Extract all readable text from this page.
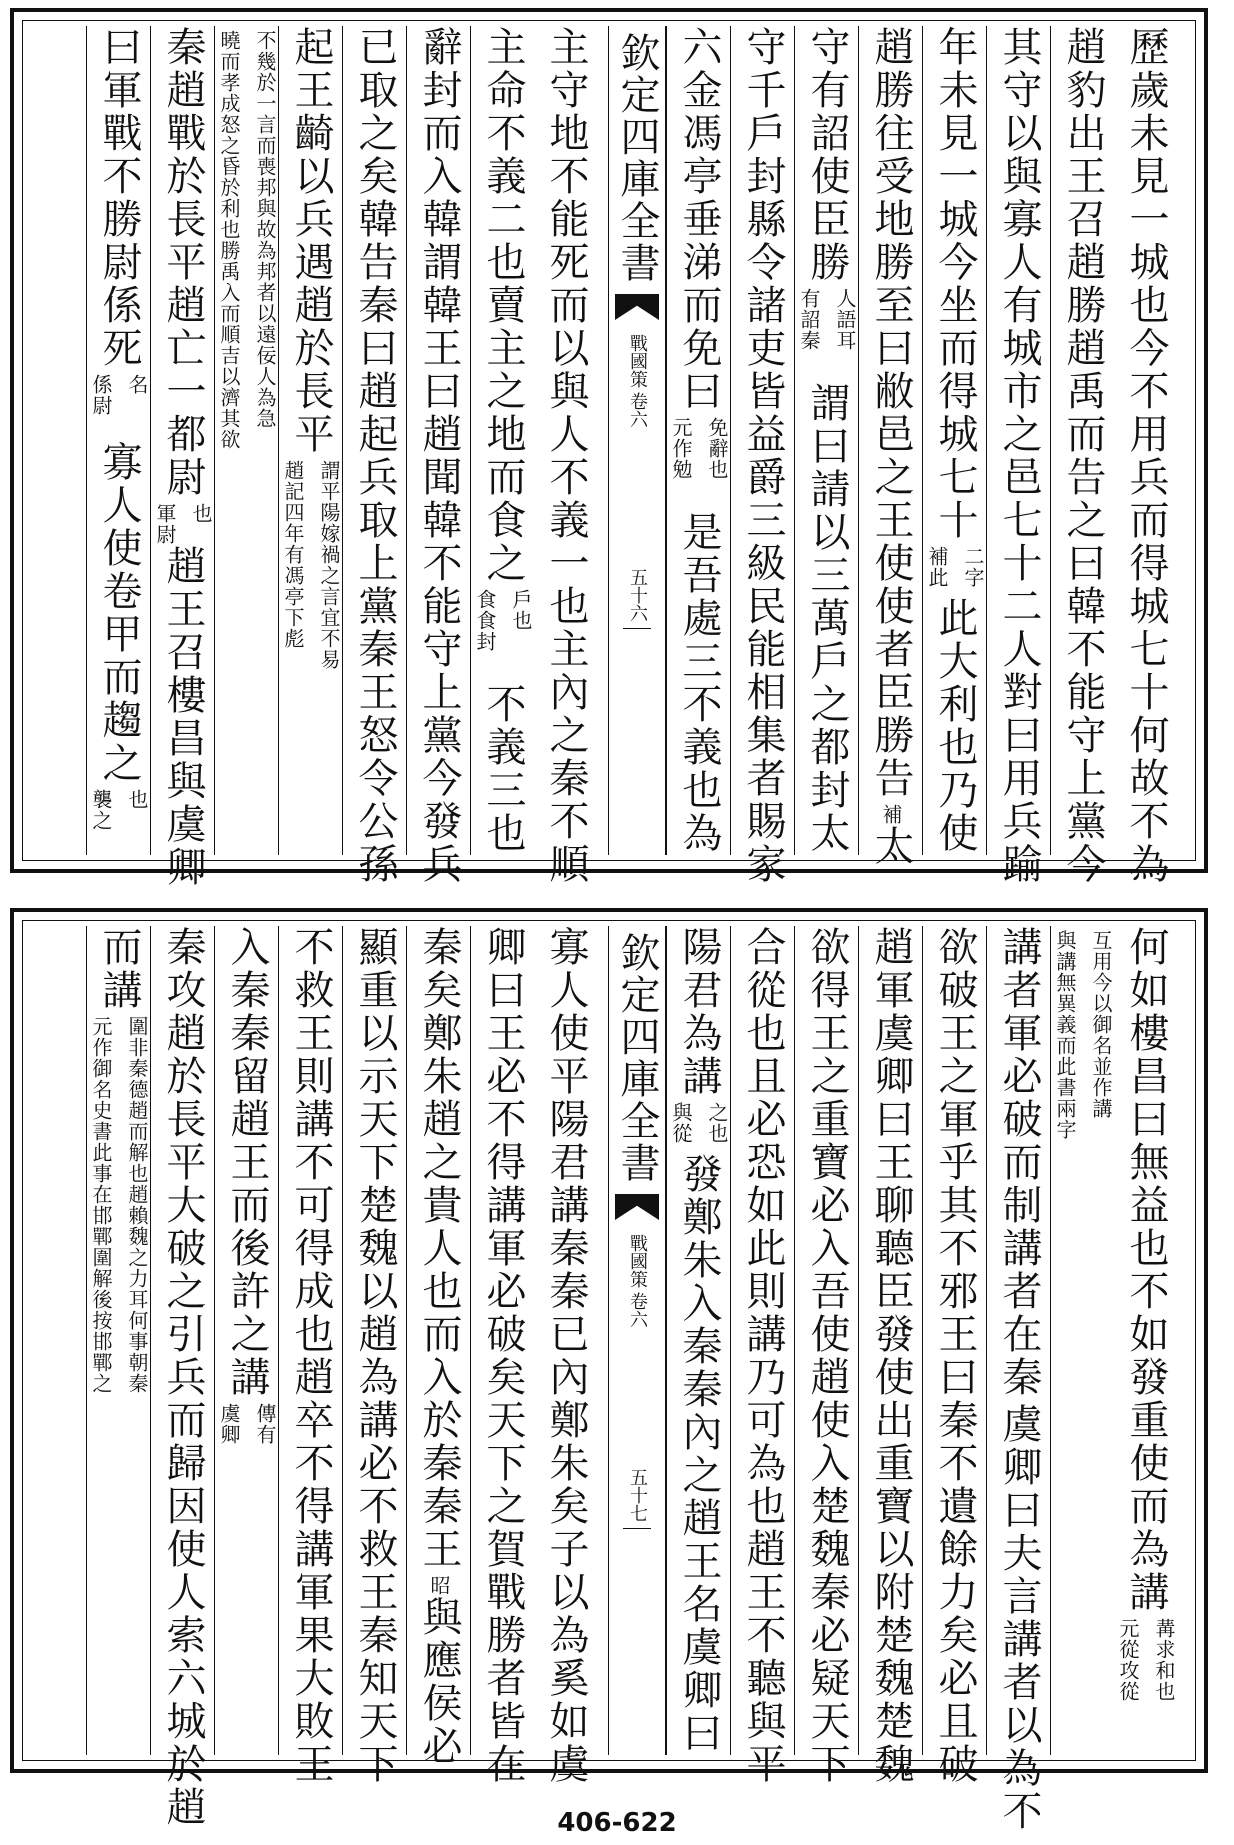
欽定四庫全書
戰國策
卷六
五十六	歷歲未見一城也今不用兵而得城七十何故不為
趙豹出王召趙勝趙禹而告之曰韓不能守上黨今
其守以與寡人有城市之邑七十二人對曰用兵踰
年未見一城今坐而得城七十
補此 二字
此大利也乃使
趙勝往受地勝至曰敝邑之王使使者臣勝告
補
太
守有詔使臣勝
有詔秦 人語耳
謂曰請以三萬戶之都封太
守千戶封縣令諸吏皆益爵三級民能相集者賜家
六金馮亭垂涕而免曰
元作勉 免辭也
是吾處三不義也為
主守地不能死而以與人不義一也主內之秦不順
主命不義二也賣主之地而食之
食食封 戶也
不義三也
辭封而入韓謂韓王曰趙聞韓不能守上黨今發兵
已取之矣韓告秦曰趙起兵取上黨秦王怒令公孫
起王齮以兵遇趙於長平
趙記四年有馮亭下彪 謂平陽嫁禍之言宜不易
曉而孝成怒之昏於利也勝禹入而順吉以濟其欲 不幾於一言而喪邦與故為邦者以遠佞人為急
秦趙戰於長平趙亡一都尉
軍尉 也
趙王召樓昌與虞卿
曰軍戰不勝尉係死
係尉 名
寡人使卷甲而趨之
襲之 也
欽定四庫全書
戰國策
卷六
五十七	何如樓昌曰無益也不如發重使而為講
元從攻從 冓求和也
與講無異義而此書兩字 互用今以御名並作講
講者軍必破而制講者在秦
虞卿曰夫言講者以為不
欲破王之軍乎其不邪王曰秦不遺餘力矣必且破
趙軍虞卿曰王聊聽臣發使出重寶以附楚魏楚魏
欲得王之重寶必入吾使趙使入楚魏秦必疑天下
合從也且必恐如此則講乃可為也趙王不聽與平
陽君為講
與從 之也
發鄭朱入秦秦內之趙王名虞卿曰
寡人使平陽君講秦秦已內鄭朱矣子以為奚如虞
卿曰王必不得講軍必破矣天下之賀戰勝者皆在
秦矣鄭朱趙之貴人也而入於秦秦王
昭
與應侯必
顯重以示天下楚魏以趙為講必不救王秦知天下
不救王則講不可得成也趙卒不得講軍果大敗王
入秦秦留趙王而後許之講
虞卿 傳有
秦攻趙於長平大破之引兵而歸因使人索六城於趙
而講
元作御名史書此事在邯鄲圍解後按邯鄲之 圍非秦德趙而解也趙賴魏之力耳何事朝秦
406-622
